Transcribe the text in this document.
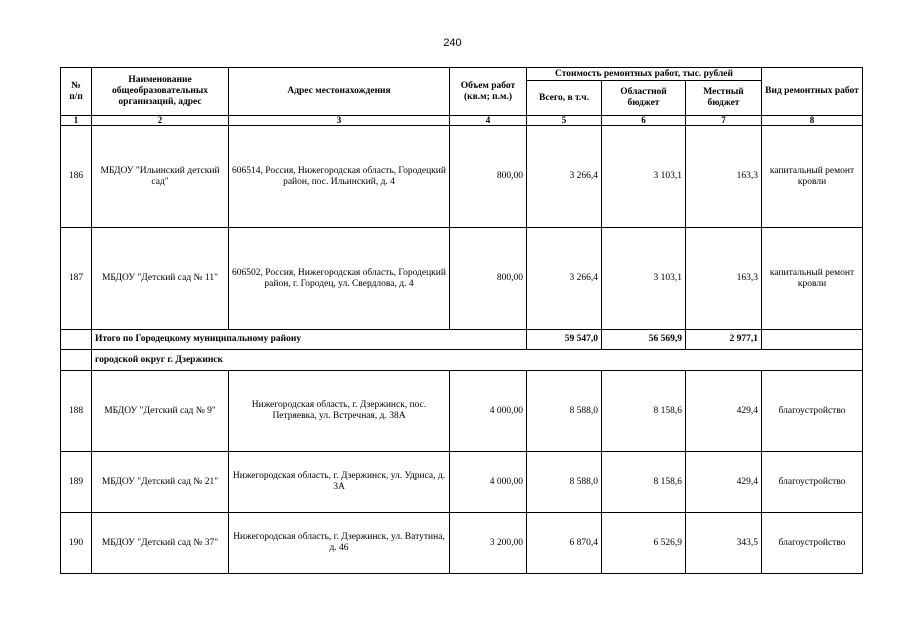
240
№
п/п	Наименование общеобразовательных организаций, адрес	Адрес местонахождения	Объем работ (кв.м; п.м.)	Стоимость ремонтных работ, тыс. рублей			Вид ремонтных работ
				Всего, в т.ч.	Областной бюджет	Местный бюджет	
1	2	3	4	5	6	7	8
186	МБДОУ "Ильинский детский сад"	606514, Россия, Нижегородская область, Городецкий район, пос. Ильинский, д. 4	800,00	3 266,4	3 103,1	163,3	капитальный ремонт кровли
187	МБДОУ "Детский сад № 11"	606502, Россия, Нижегородская область, Городецкий район, г. Городец, ул. Свердлова, д. 4	800,00	3 266,4	3 103,1	163,3	капитальный ремонт кровли
	Итого по Городецкому муниципальному району			59 547,0	56 569,9	2 977,1	
	городской округ г. Дзержинск						
188	МБДОУ "Детский сад № 9"	Нижегородская область, г. Дзержинск, пос. Петряевка, ул. Встречная, д. 38А	4 000,00	8 588,0	8 158,6	429,4	благоустройство
189	МБДОУ "Детский сад № 21"	Нижегородская область, г. Дзержинск, ул. Удриса, д. 3А	4 000,00	8 588,0	8 158,6	429,4	благоустройство
190	МБДОУ "Детский сад № 37"	Нижегородская область, г. Дзержинск, ул. Ватутина, д. 46	3 200,00	6 870,4	6 526,9	343,5	благоустройство
